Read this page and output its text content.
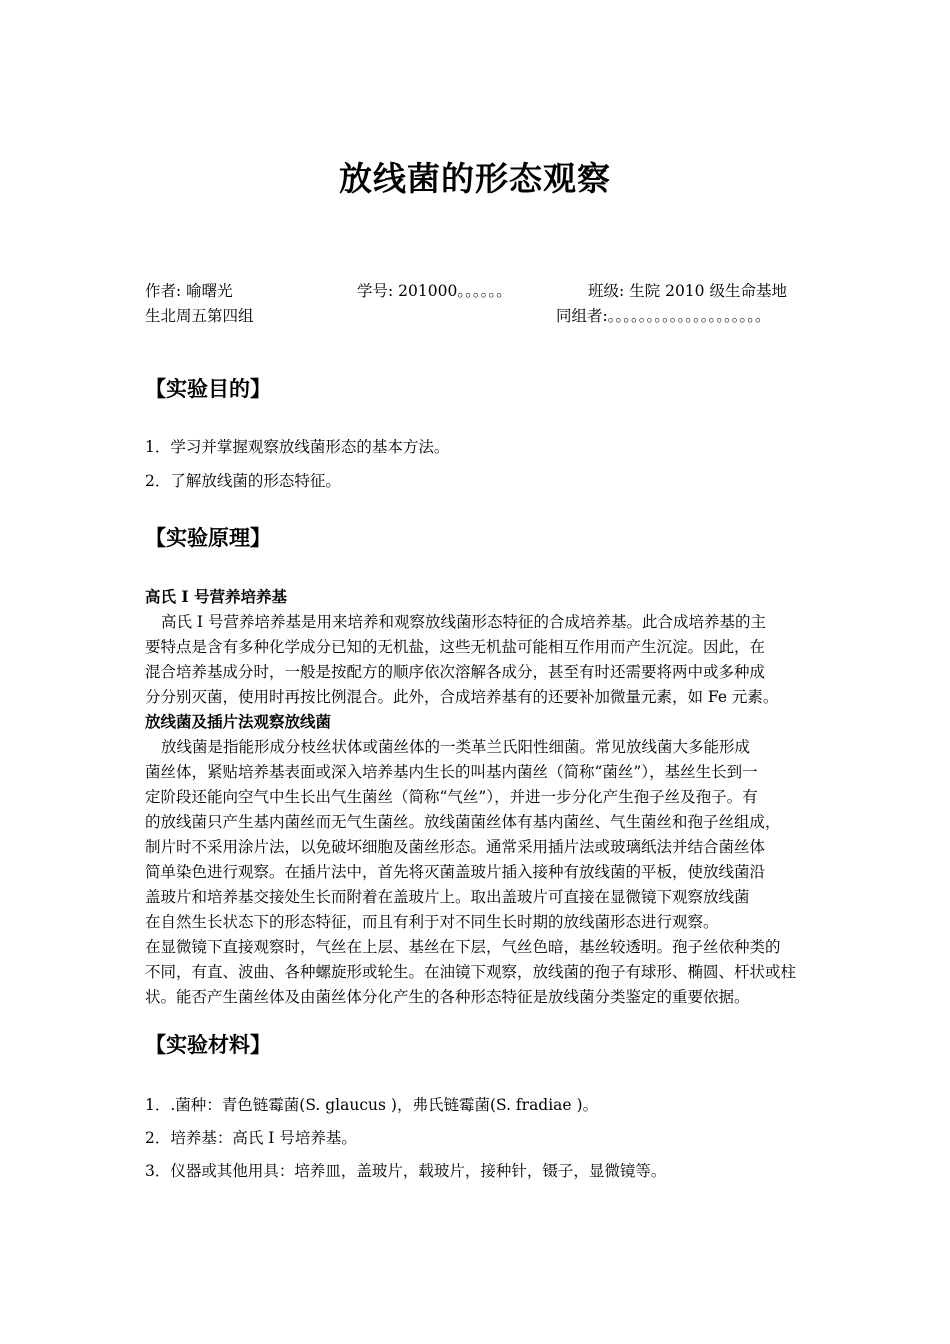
放线菌的形态观察
作者: 喻曙光	学号: 201000。。。。。。	班级: 生院 2010 级生命基地
生北周五第四组	同组者:。。。。。。。。。。。。。。。。。。。。
【实验目的】
1．学习并掌握观察放线菌形态的基本方法。
2．了解放线菌的形态特征。
【实验原理】
高氏 I 号营养培养基
高氏 I 号营养培养基是用来培养和观察放线菌形态特征的合成培养基。此合成培养基的主
要特点是含有多种化学成分已知的无机盐，这些无机盐可能相互作用而产生沉淀。因此，在
混合培养基成分时，一般是按配方的顺序依次溶解各成分，甚至有时还需要将两中或多种成
分分别灭菌，使用时再按比例混合。此外，合成培养基有的还要补加微量元素，如 Fe 元素。
放线菌及插片法观察放线菌
放线菌是指能形成分枝丝状体或菌丝体的一类革兰氏阳性细菌。常见放线菌大多能形成
菌丝体，紧贴培养基表面或深入培养基内生长的叫基内菌丝（简称“菌丝”），基丝生长到一
定阶段还能向空气中生长出气生菌丝（简称“气丝”），并进一步分化产生孢子丝及孢子。有
的放线菌只产生基内菌丝而无气生菌丝。放线菌菌丝体有基内菌丝、气生菌丝和孢子丝组成，
制片时不采用涂片法，以免破坏细胞及菌丝形态。通常采用插片法或玻璃纸法并结合菌丝体
简单染色进行观察。在插片法中，首先将灭菌盖玻片插入接种有放线菌的平板，使放线菌沿
盖玻片和培养基交接处生长而附着在盖玻片上。取出盖玻片可直接在显微镜下观察放线菌
在自然生长状态下的形态特征，而且有利于对不同生长时期的放线菌形态进行观察。
在显微镜下直接观察时，气丝在上层、基丝在下层，气丝色暗，基丝较透明。孢子丝依种类的
不同，有直、波曲、各种螺旋形或轮生。在油镜下观察，放线菌的孢子有球形、椭圆、杆状或柱
状。能否产生菌丝体及由菌丝体分化产生的各种形态特征是放线菌分类鉴定的重要依据。
【实验材料】
1．.菌种：青色链霉菌(S. glaucus )，弗氏链霉菌(S. fradiae )。
2．培养基：高氏 I 号培养基。
3．仪器或其他用具：培养皿，盖玻片，载玻片，接种针，镊子，显微镜等。
